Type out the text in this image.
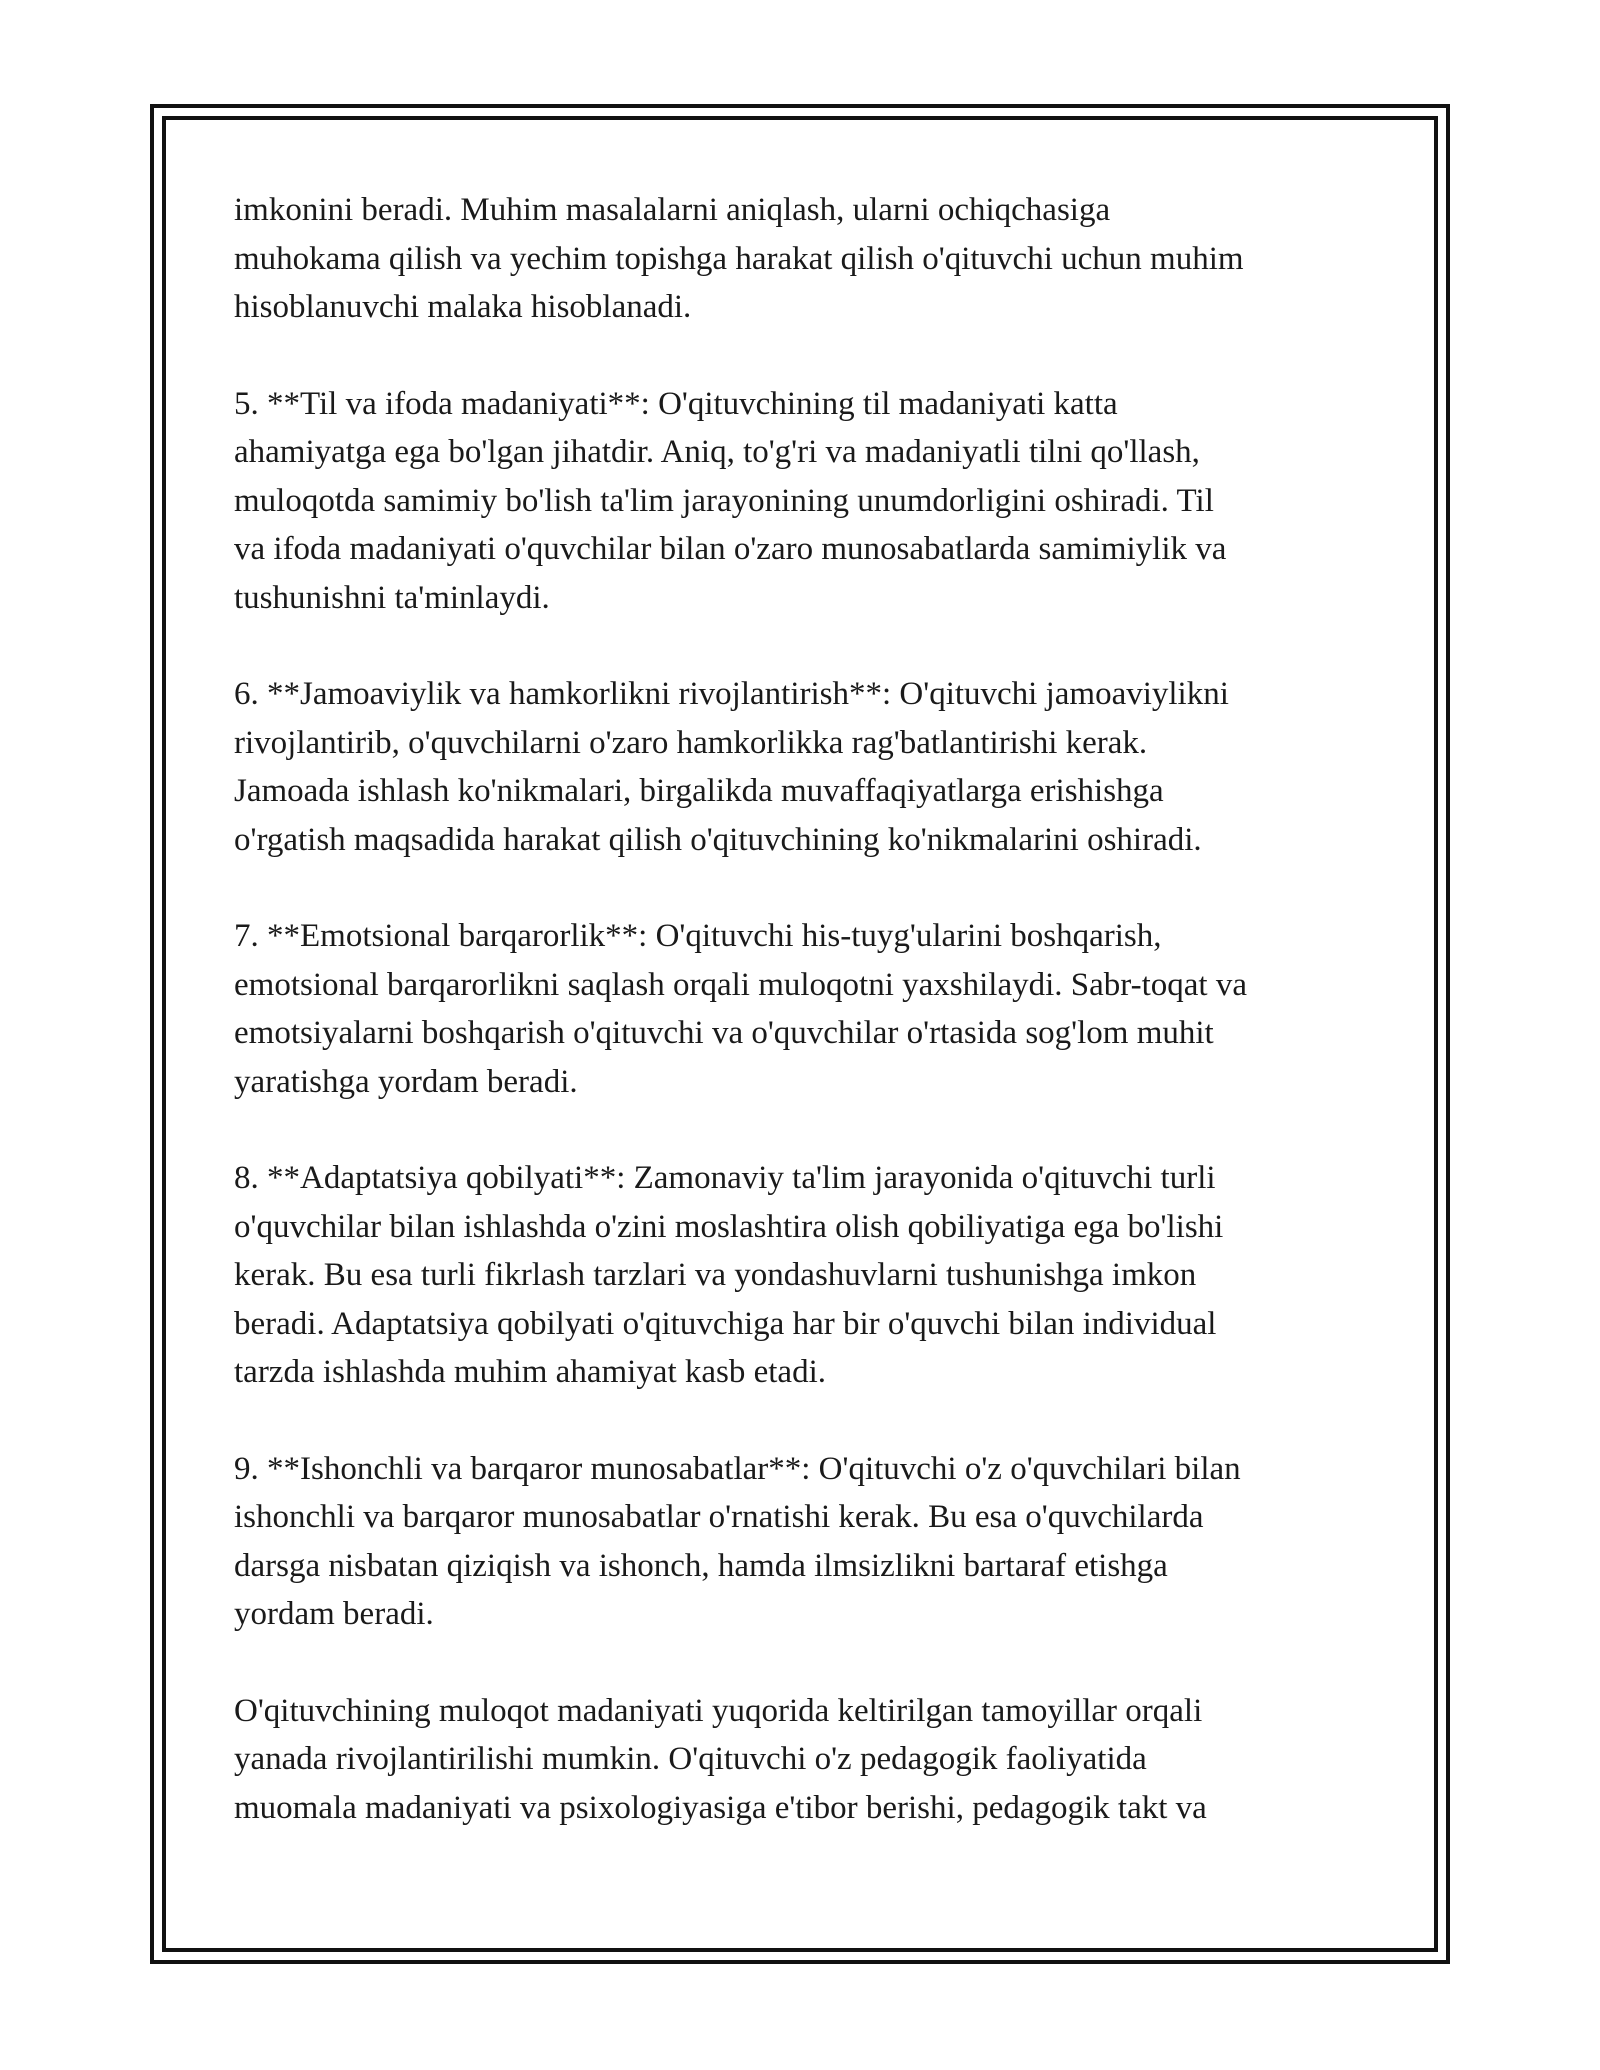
imkonini beradi. Muhim masalalarni aniqlash, ularni ochiqchasiga
muhokama qilish va yechim topishga harakat qilish o'qituvchi uchun muhim
hisoblanuvchi malaka hisoblanadi.

5. **Til va ifoda madaniyati**: O'qituvchining til madaniyati katta
ahamiyatga ega bo'lgan jihatdir. Aniq, to'g'ri va madaniyatli tilni qo'llash,
muloqotda samimiy bo'lish ta'lim jarayonining unumdorligini oshiradi. Til
va ifoda madaniyati o'quvchilar bilan o'zaro munosabatlarda samimiylik va
tushunishni ta'minlaydi.

6. **Jamoaviylik va hamkorlikni rivojlantirish**: O'qituvchi jamoaviylikni
rivojlantirib, o'quvchilarni o'zaro hamkorlikka rag'batlantirishi kerak.
Jamoada ishlash ko'nikmalari, birgalikda muvaffaqiyatlarga erishishga
o'rgatish maqsadida harakat qilish o'qituvchining ko'nikmalarini oshiradi.

7. **Emotsional barqarorlik**: O'qituvchi his-tuyg'ularini boshqarish,
emotsional barqarorlikni saqlash orqali muloqotni yaxshilaydi. Sabr-toqat va
emotsiyalarni boshqarish o'qituvchi va o'quvchilar o'rtasida sog'lom muhit
yaratishga yordam beradi.

8. **Adaptatsiya qobilyati**: Zamonaviy ta'lim jarayonida o'qituvchi turli
o'quvchilar bilan ishlashda o'zini moslashtira olish qobiliyatiga ega bo'lishi
kerak. Bu esa turli fikrlash tarzlari va yondashuvlarni tushunishga imkon
beradi. Adaptatsiya qobilyati o'qituvchiga har bir o'quvchi bilan individual
tarzda ishlashda muhim ahamiyat kasb etadi.

9. **Ishonchli va barqaror munosabatlar**: O'qituvchi o'z o'quvchilari bilan
ishonchli va barqaror munosabatlar o'rnatishi kerak. Bu esa o'quvchilarda
darsga nisbatan qiziqish va ishonch, hamda ilmsizlikni bartaraf etishga
yordam beradi.

O'qituvchining muloqot madaniyati yuqorida keltirilgan tamoyillar orqali
yanada rivojlantirilishi mumkin. O'qituvchi o'z pedagogik faoliyatida
muomala madaniyati va psixologiyasiga e'tibor berishi, pedagogik takt va
